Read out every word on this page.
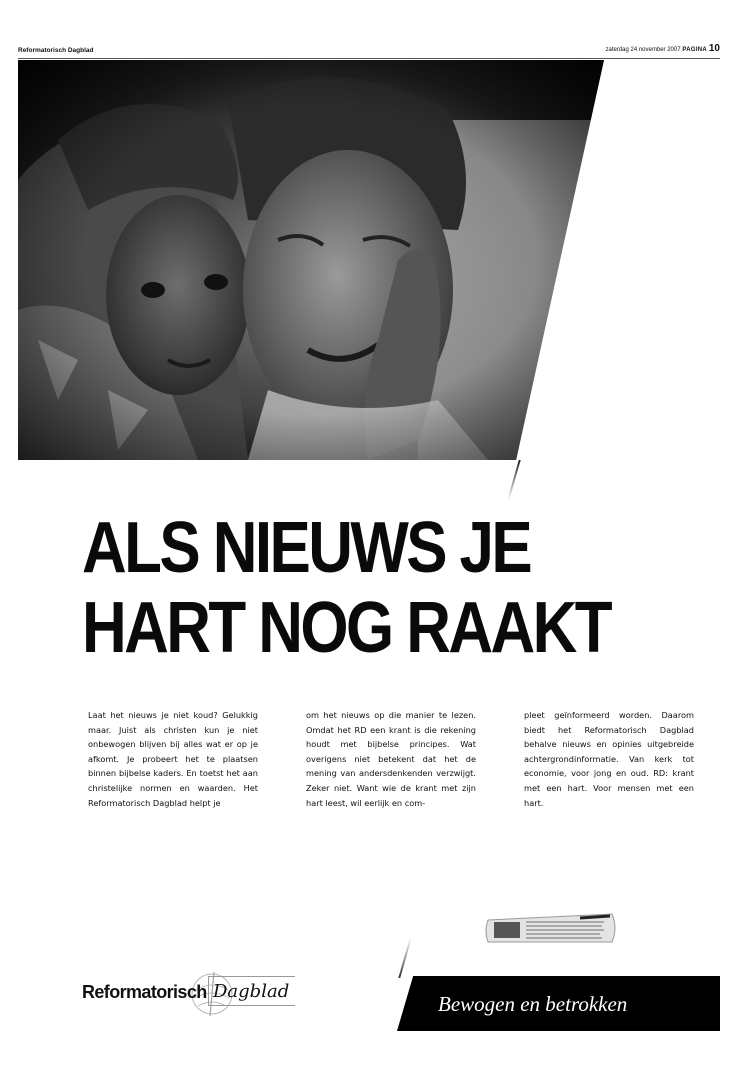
Reformatorisch Dagblad	zaterdag 24 november 2007 PAGINA 10
ALS NIEUWS JE
HART NOG RAAKT
Laat het nieuws je niet koud? Gelukkig maar. Juist als christen kun je niet onbewogen blijven bij alles wat er op je afkomt. Je probeert het te plaatsen binnen bijbelse kaders. En toetst het aan christelijke normen en waarden. Het Reformatorisch Dagblad helpt je
om het nieuws op die manier te lezen. Omdat het RD een krant is die rekening houdt met bijbelse principes. Wat overigens niet betekent dat het de mening van andersdenkenden verzwijgt. Zeker niet. Want wie de krant met zijn hart leest, wil eerlijk en com-
pleet geïnformeerd worden. Daarom biedt het Reformatorisch Dagblad behalve nieuws en opinies uitgebreide achtergrondinformatie. Van kerk tot economie, voor jong en oud. RD: krant met een hart. Voor mensen met een hart.
Reformatorisch Dagblad
Bewogen en betrokken
